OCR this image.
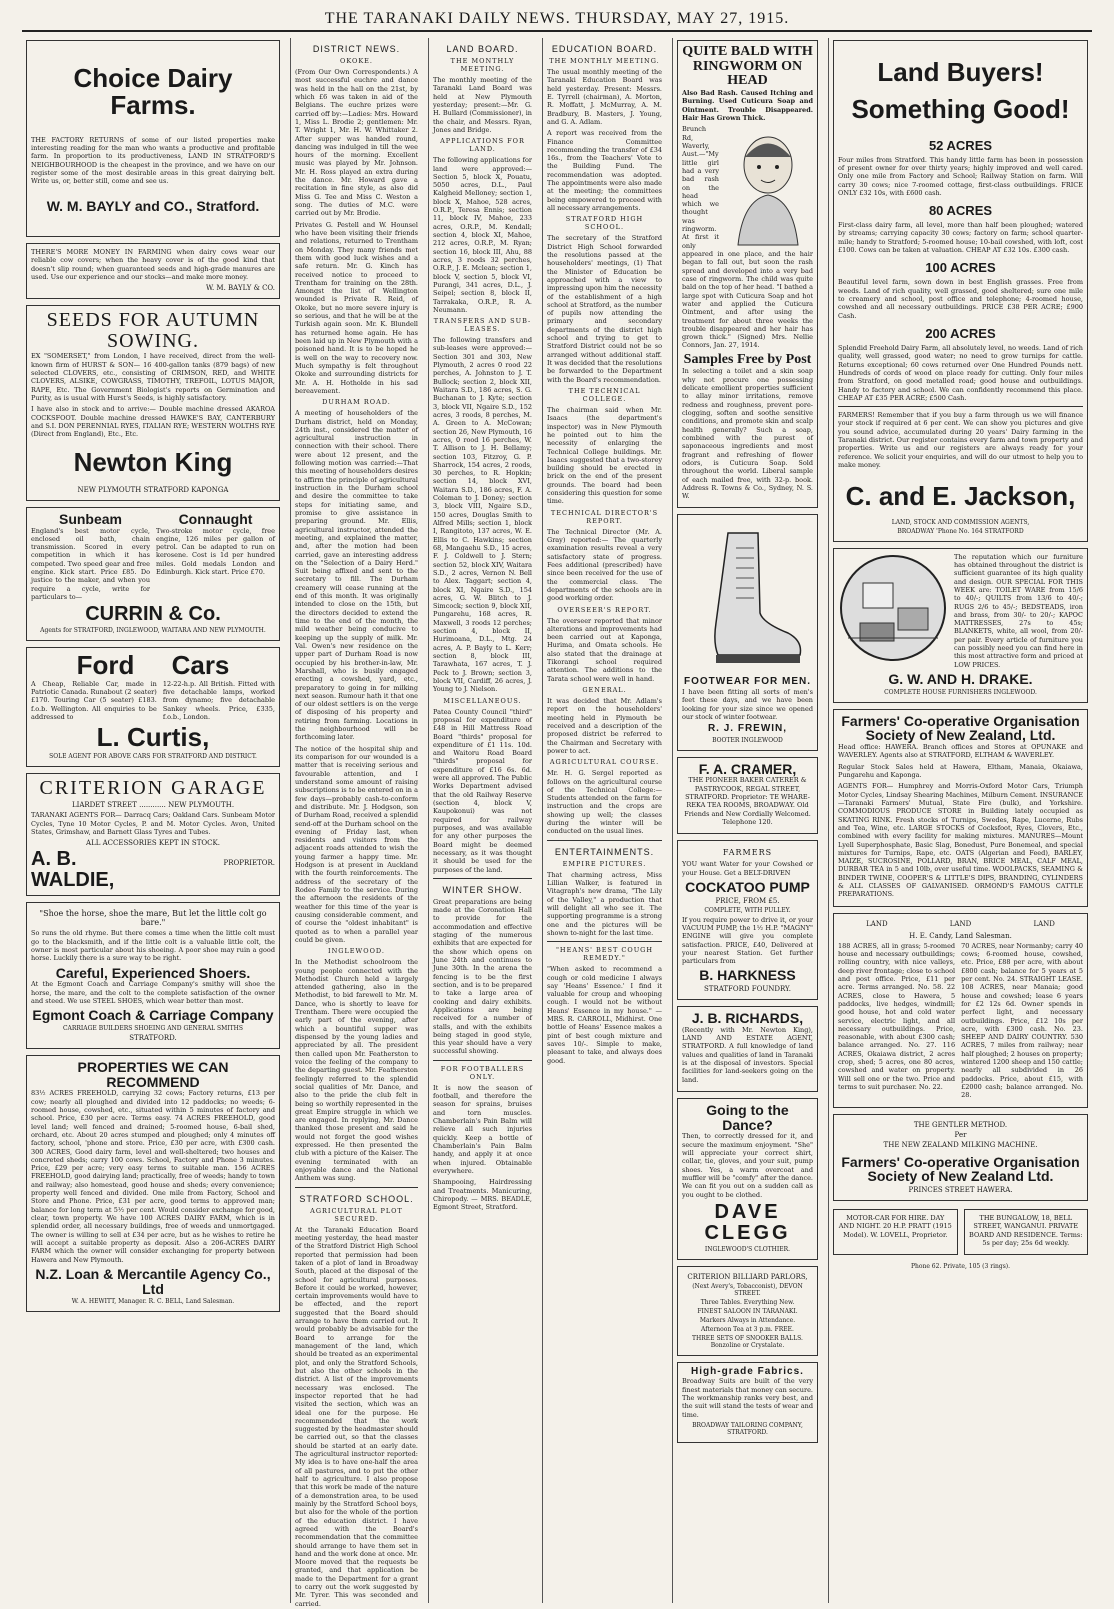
THE TARANAKI DAILY NEWS. THURSDAY, MAY 27, 1915.
Choice Dairy Farms.

THE FACTORY RETURNS of some of our listed properties make interesting reading for the man who wants a productive and profitable farm. In proportion to its productiveness, LAND IN STRATFORD'S NEIGHBOURHOOD is the cheapest in the province, and we have on our register some of the most desirable areas in this great dairying belt. Write us, or, better still, come and see us.

W. M. BAYLY and CO., Stratford.

THERE'S MORE MONEY IN FARMING when dairy cows wear our reliable cow covers; when the heavy cover is of the good kind that doesn't slip round; when guaranteed seeds and high-grade manures are used. Use our experience and our stocks—and make more money.

W. M. BAYLY & CO.
SEEDS FOR AUTUMN SOWING.

EX "SOMERSET," from London, I have received, direct from the well-known firm of HURST & SON— 16 400-gallon tanks (879 bags) of new selected CLOVERS, etc., consisting of CRIMSON, RED, and WHITE CLOVERS, ALSIKE, COWGRASS, TIMOTHY, TREFOIL, LOTUS MAJOR, RAPE, Etc. The Government Biologist's reports on Germination and Purity, as is usual with Hurst's Seeds, is highly satisfactory.

I have also in stock and to arrive:— Double machine dressed AKAROA COCKSFOOT. Double machine dressed HAWKE'S BAY, CANTERBURY and S.I. DON PERENNIAL RYES, ITALIAN RYE; WESTERN WOLTHS RYE (Direct from England), Etc., Etc.

Newton King
NEW PLYMOUTH STRATFORD KAPONGA
Sunbeam

England's best motor cycle, enclosed oil bath, chain transmission. Scored in every competition in which it has competed. Two speed gear and free engine. Kick start. Price £85. Do justice to the maker, and when you require a cycle, write for particulars to—

Connaught

Two-stroke motor cycle, free engine, 126 miles per gallon of petrol. Can be adapted to run on kerosene. Cost is 1d per hundred miles. Gold medals London and Edinburgh. Kick start. Price £70.

CURRIN & Co.
Agents for STRATFORD, INGLEWOOD, WAITARA AND NEW PLYMOUTH.
Ford Cars

A Cheap, Reliable Car, made in Patriotic Canada. Runabout (2 seater) £170. Touring Car (5 seater) £183. f.o.b. Wellington. All enquiries to be addressed to

12-22-h.p. All British. Fitted with five detachable lamps, worked from dynamo; five detachable Sankey wheels. Price, £335, f.o.b., London.

L. Curtis,
SOLE AGENT FOR ABOVE CARS FOR STRATFORD AND DISTRICT.
CRITERION GARAGE
LIARDET STREET ............ NEW PLYMOUTH.

TARANAKI AGENTS FOR— Darracq Cars; Oakland Cars. Sunbeam Motor Cycles, Tyne 10 Motor Cycles, P. and M. Motor Cycles. Avon, United States, Grimshaw, and Barnett Glass Tyres and Tubes.

ALL ACCESSORIES KEPT IN STOCK.
A. B. WALDIE,
PROPRIETOR.
"Shoe the horse, shoe the mare, But let the little colt go bare."

So runs the old rhyme. But there comes a time when the little colt must go to the blacksmith, and if the little colt is a valuable little colt, the owner is most particular about his shoeing. A poor shoe may ruin a good horse. Luckily there is a sure way to be right.

Careful, Experienced Shoers.

At the Egmont Coach and Carriage Company's smithy will shoe the horse, the mare, and the colt to the complete satisfaction of the owner and steed. We use STEEL SHOES, which wear better than most.

Egmont Coach & Carriage Company
CARRIAGE BUILDERS SHOEING AND GENERAL SMITHS
STRATFORD.
PROPERTIES WE CAN RECOMMEND

83½ ACRES FREEHOLD, carrying 32 cows; Factory returns, £13 per cow; nearly all ploughed and divided into 12 paddocks; no weeds; 6-roomed house, cowshed, etc., situated within 5 minutes of factory and school. Price, £30 per acre. Terms easy. 74 ACRES FREEHOLD, good level land; well fenced and drained; 5-roomed house, 6-bail shed, orchard, etc. About 20 acres stumped and ploughed; only 4 minutes off factory, school, 'phone and store. Price, £30 per acre, with £300 cash. 300 ACRES, Good dairy farm, level and well-sheltered; two houses and concreted sheds; carry 100 cows. School, Factory and Phone 3 minutes. Price, £29 per acre; very easy terms to suitable man. 156 ACRES FREEHOLD, good dairying land; practically, free of weeds; handy to town and railway; also homestead, good house and sheds; every convenience; property well fenced and divided. One mile from Factory, School and Store and Phone. Price, £31 per acre, good terms to approved man; balance for long term at 5½ per cent. Would consider exchange for good, clear, town property. We have 100 ACRES DAIRY FARM, which is in splendid order, all necessary buildings, free of weeds and unmortgaged. The owner is willing to sell at £34 per acre, but as he wishes to retire he will accept a suitable property as deposit. Also a 206-ACRES DAIRY FARM which the owner will consider exchanging for property between Hawera and New Plymouth.

N.Z. Loan & Mercantile Agency Co., Ltd
W. A. HEWITT, Manager. R. C. BELL, Land Salesman.
DISTRICT NEWS.
OKOKE.

(From Our Own Correspondents.) A most successful euchre and dance was held in the hall on the 21st, by which £6 was taken in aid of the Belgians. The euchre prizes were carried off by:—Ladies: Mrs. Howard 1, Miss L. Brodie 2; gentlemen: Mr. T. Wright 1, Mr. H. W. Whittaker 2. After supper was handed round, dancing was indulged in till the wee hours of the morning. Excellent music was played by Mr. Johnson. Mr. H. Ross played an extra during the dance. Mr. Howard gave a recitation in fine style, as also did Miss G. Tee and Miss C. Weston a song. The duties of M.C. were carried out by Mr. Brodie.

Privates G. Pestell and W. Hounsel who have been visiting their friends and relations, returned to Trentham on Monday. They many friends met them with good luck wishes and a safe return. Mr. G. Kinch has received notice to proceed to Trentham for training on the 28th. Amongst the list of Wellington wounded is Private R. Reid, of Okoke, but no more severe injury is so serious, and that he will be at the Turkish again soon. Mr. K. Blundell has returned home again. He has been laid up in New Plymouth with a poisoned hand. It is to be hoped he is well on the way to recovery now. Much sympathy is felt throughout Okoke and surrounding districts for Mr. A. H. Hotholde in his sad bereavement.

DURHAM ROAD.

A meeting of householders of the Durham district, held on Monday, 24th inst., considered the matter of agricultural instruction in connection with their school. There were about 12 present, and the following motion was carried:—That this meeting of householders desires to affirm the principle of agricultural instruction in the Durham school and desire the committee to take steps for initiating same, and promise to give assistance in preparing ground. Mr. Ellis, agricultural instructor, attended the meeting, and explained the matter, and, after the motion had been carried, gave an interesting address on the "Selection of a Dairy Herd." Suit being affixed and sent to the secretary to fill. The Durham creamery will cease running at the end of this month. It was originally intended to close on the 15th, but the directors decided to extend the time to the end of the month, the mild weather being conducive to keeping up the supply of milk. Mr. Val. Owen's new residence on the upper part of Durham Road is now occupied by his brother-in-law, Mr. Marshall, who is busily engaged erecting a cowshed, yard, etc., preparatory to going in for milking next season. Rumour hath it that one of our oldest settlers is on the verge of disposing of his property and retiring from farming. Locations in the neighbourhood will be forthcoming later.

The notice of the hospital ship and its comparison for our wounded is a matter that is receiving serious and favourable attention, and I understand some amount of raising subscriptions is to be entered on in a few days—probably cash-to-conform and distribute. Mr. J. Hodgson, son of Durham Road, received a splendid send-off at the Durham school on the evening of Friday last, when residents and visitors from the adjacent roads attended to wish the young farmer a happy time. Mr. Hodgson is at present in Auckland with the fourth reinforcements. The address of the secretary of the Rodeo Family to the service. During the afternoon the residents of the weather for this time of the year is causing considerable comment, and of course the "oldest inhabitant" is quoted as to when a parallel year could be given.

INGLEWOOD.

In the Methodist schoolroom the young people connected with the Methodist Church held a largely attended gathering, also in the Methodist, to bid farewell to Mr. M. Dance, who is shortly to leave for Trentham. There were occupied the early part of the evening, after which a bountiful supper was dispensed by the young ladies and appreciated by all. The president then called upon Mr. Featherston to voice the feeling of the company to the departing guest. Mr. Featherston feelingly referred to the splendid social qualities of Mr. Dance, and also to the pride the club felt in being so worthily represented in the great Empire struggle in which we are engaged. In replying, Mr. Dance thanked those present and said he would not forget the good wishes expressed. He then presented the club with a picture of the Kaiser. The evening terminated with an enjoyable dance and the National Anthem was sung.

STRATFORD SCHOOL.
AGRICULTURAL PLOT SECURED.

At the Taranaki Education Board meeting yesterday, the head master of the Stratford District High School reported that permission had been taken of a plot of land in Broadway South, placed at the disposal of the school for agricultural purposes. Before it could be worked, however, certain improvements would have to be effected, and the report suggested that the Board should arrange to have them carried out. It would probably be advisable for the Board to arrange for the management of the land, which should be treated as an experimental plot, and only the Stratford Schools, but also the other schools in the district. A list of the improvements necessary was enclosed. The inspector reported that he had visited the section, which was an ideal one for the purpose. He recommended that the work suggested by the headmaster should be carried out, so that the classes should be started at an early date. The agricultural instructor reported: My idea is to have one-half the area of all pastures, and to put the other half to agriculture. I also propose that this work be made of the nature of a demonstration area, to be used mainly by the Stratford School boys, but also for the whole of the portion of the education district. I have agreed with the Board's recommendation that the committee should arrange to have them set in hand and the work done at once. Mr. Moore moved that the requests be granted, and that application be made to the Department for a grant to carry out the work suggested by Mr. Tyrer. This was seconded and carried.

LAND BOARD.
THE MONTHLY MEETING.

The monthly meeting of the Taranaki Land Board was held at New Plymouth yesterday; present:—Mr. G. H. Bullard (Commissioner), in the chair, and Messrs. Ryan, Jones and Bridge.

APPLICATIONS FOR LAND.

The following applications for land were approved:—Section 5, block X, Pouatu, 5050 acres, D.L., Paul Kalgheid Melloney; section 1, block X, Mahoe, 528 acres, O.R.P., Teresa Ennis; section 11, block IV, Mahoe, 233 acres, O.R.P., M. Kendall; section 4, block XI, Mahoe, 212 acres, O.R.P., M. Ryan; section 16, block III, Ahu, 88 acres, 3 roods 32 perches, O.R.P., J. E. Mclean; section 1, block V, section 5, block VI, Purangi, 341 acres, D.L., J. Seipel; section 8, block II, Tarrakaka, O.R.P., R. A. Neumann.

TRANSFERS AND SUB-LEASES.

The following transfers and sub-leases were approved:—Section 301 and 303, New Plymouth, 2 acres 0 rood 22 perches, A. Johnston to J. T. Bullock; section 2, block XII, Waitara S.D., 186 acres, S. G. Buchanan to J. Kyte; section 3, block VII, Ngaire S.D., 152 acres, 3 roods, 8 perches, M. A. Green to A. McCowan; section 26, New Plymouth, 16 acres, 0 rood 16 perches, W. T. Allison to J. H. Bellamy; section 103, Fitzroy, G. P. Sharrock, 154 acres, 2 roods, 30 perches, to R. Hopkin; section 14, block XVI, Waitara S.D., 186 acres, F. A. Coleman to J. Doney; section 3, block VIII, Ngaire S.D., 150 acres, Douglas Smith to Alfred Mills; section 1, block I, Rangitoto, 137 acres, W. E. Ellis to C. Hawkins; section 68, Mangaehu S.D., 15 acres, F. J. Coldwell to J. Stern; section 52, block XIV, Waitara S.D., 2 acres, Vernon N. Bell to Alex. Taggart; section 4, block XI, Ngaire S.D., 154 acres, G. W. Blitch to J. Simcock; section 9, block XII, Pungarehu, 168 acres, R. Maxwell, 3 roods 12 perches; section 4, block II, Hurimoana, D.L., Mtg. 24 acres, A. P. Bayly to L. Kerr; section 8, block III, Tarawhata, 167 acres, T. J. Peck to J. Brown; section 3, block VII, Cardiff, 26 acres, J. Young to J. Nielson.

MISCELLANEOUS.

Patea County Council "third" proposal for expenditure of £48 in Hill Mattress Road Board "thirds" proposal for expenditure of £1 11s. 10d. and Waitoru Road Board "thirds" proposal for expenditure of £16 6s. 6d. were all approved. The Public Works Department advised that the old Railway Reserve (section 4, block V, Kaupokonui) was not required for railway purposes, and was available for any other purposes the Board might be deemed necessary, as it was thought it should be used for the purposes of the land.

WINTER SHOW.

Great preparations are being made at the Coronation Hall to provide for the accommodation and effective staging of the numerous exhibits that are expected for the show which opens on June 24th and continues to June 30th. In the arena the fencing is to be the first section, and is to be prepared to take a large area of cooking and dairy exhibits. Applications are being received for a number of stalls, and with the exhibits being staged in good style, this year should have a very successful showing.

FOR FOOTBALLERS ONLY.

It is now the season of football, and therefore the season for sprains, bruises and torn muscles. Chamberlain's Pain Balm will relieve all such injuries quickly. Keep a bottle of Chamberlain's Pain Balm handy, and apply it at once when injured. Obtainable everywhere.

Shampooing, Hairdressing and Treatments. Manicuring, Chiropody. — MRS. BEADLE, Egmont Street, Stratford.

EDUCATION BOARD.
THE MONTHLY MEETING.

The usual monthly meeting of the Taranaki Education Board was held yesterday. Present: Messrs. E. Tyrrell (chairman), A. Morton, R. Moffatt, J. McMurray, A. M. Bradbury, B. Masters, J. Young, and G. A. Adlam.

A report was received from the Finance Committee recommending the transfer of £34 16s., from the Teachers' Vote to the Building Fund. The recommendation was adopted. The appointments were also made at the meeting; the committees being empowered to proceed with all necessary arrangements.

STRATFORD HIGH SCHOOL.

The secretary of the Stratford District High School forwarded the resolutions passed at the householders' meetings, (1) That the Minister of Education be approached with a view to impressing upon him the necessity of the establishment of a high school at Stratford, as the number of pupils now attending the primary and secondary departments of the district high school and trying to get to Stratford District could not be so arranged without additional staff. It was decided that the resolutions be forwarded to the Department with the Board's recommendation.

THE TECHNICAL COLLEGE.

The chairman said when Mr. Isaacs (the department's inspector) was in New Plymouth he pointed out to him the necessity of enlarging the Technical College buildings. Mr. Isaacs suggested that a two-storey building should be erected in brick on the end of the present grounds. The board had been considering this question for some time.

TECHNICAL DIRECTOR'S REPORT.

The Technical Director (Mr. A. Gray) reported:— The quarterly examination results reveal a very satisfactory state of progress. Fees additional (prescribed) have since been received for the use of the commercial class. The departments of the schools are in good working order.

OVERSEER'S REPORT.

The overseer reported that minor alterations and improvements had been carried out at Kaponga, Hurima, and Omata schools. He also stated that the drainage at Tikorangi school required attention. The additions to the Tarata school were well in hand.

GENERAL.

It was decided that Mr. Adlam's report on the householders' meeting held in Plymouth be received and a description of the proposed district be referred to the Chairman and Secretary with power to act.

AGRICULTURAL COURSE.

Mr. H. G. Sergel reported as follows on the agricultural course of the Technical College:—Students attended on the farm for instruction and the crops are showing up well; the classes during the winter will be conducted on the usual lines.

ENTERTAINMENTS.
EMPIRE PICTURES.

That charming actress, Miss Lillian Walker, is featured in Vitagraph's new drama, "The Lily of the Valley," a production that will delight all who see it. The supporting programme is a strong one and the pictures will be shown to-night for the last time.

"HEANS' BEST COUGH REMEDY."

"When asked to recommend a cough or cold medicine I always say 'Heans' Essence.' I find it valuable for croup and whooping cough. I would not be without Heans' Essence in my house." —MRS. R. CARROLL, Midhirst. One bottle of Heans' Essence makes a pint of best cough mixture and saves 10/-. Simple to make, pleasant to take, and always does good.

QUITE BALD WITH RINGWORM ON HEAD

Also Bad Rash. Caused Itching and Burning. Used Cuticura Soap and Ointment. Trouble Disappeared. Hair Has Grown Thick.

Brunch Rd, Waverly, Aust.—"My little girl had a very bad rash on the head which we thought was ringworm. At first it only appeared in one place, and the hair began to fall out, but soon the rash spread and developed into a very bad case of ringworm. The child was quite bald on the top of her head. "I bathed a large spot with Cuticura Soap and hot water and applied the Cuticura Ointment, and after using the treatment for about three weeks the trouble disappeared and her hair has grown thick." (Signed) Mrs. Nellie Connors, Jan. 27, 1914.

Samples Free by Post

In selecting a toilet and a skin soap why not procure one possessing delicate emollient properties sufficient to allay minor irritations, remove redness and roughness, prevent pore-clogging, soften and soothe sensitive conditions, and promote skin and scalp health generally? Such a soap, combined with the purest of saponaceous ingredients and most fragrant and refreshing of flower odors, is Cuticura Soap. Sold throughout the world. Liberal sample of each mailed free, with 32-p. book. Address R. Towns & Co., Sydney, N. S. W.

FOOTWEAR FOR MEN.

I have been fitting all sorts of men's feet these days, and we have been looking for your size since we opened our stock of winter footwear.

R. J. FREWIN,
BOOTER INGLEWOOD
F. A. CRAMER,

THE PIONEER BAKER CATERER & PASTRYCOOK, REGAL STREET, STRATFORD. Proprietor: TE WHARE-REKA TEA ROOMS, BROADWAY. Old Friends and New Cordially Welcomed. Telephone 120.

FARMERS

YOU want Water for your Cowshed or your House. Get a BELT-DRIVEN

COCKATOO PUMP
PRICE, FROM £5.
COMPLETE, WITH PULLEY.

If you require power to drive it, or your VACUUM PUMP, the 1½ H.P. "MAGNY" ENGINE will give you complete satisfaction. PRICE, £40, Delivered at your nearest Station. Get further particulars from

B. HARKNESS
STRATFORD FOUNDRY.
J. B. RICHARDS,

(Recently with Mr. Newton King), LAND AND ESTATE AGENT, STRATFORD. A full knowledge of land values and qualities of land in Taranaki is at the disposal of investors. Special facilities for land-seekers going on the land.

Going to the Dance?

Then, to correctly dressed for it, and secure the maximum enjoyment. "She" will appreciate your correct shirt, collar, tie, gloves, and your suit, pump shoes. Yes, a warm overcoat and muffler will be "comfy" after the dance. We can fit you out on a sudden call as you ought to be clothed.

DAVE CLEGG
INGLEWOOD'S CLOTHIER.
CRITERION BILLIARD PARLORS,
(Next Avery's, Tobacconist), DEVON STREET.
Three Tables. Everything New.
FINEST SALOON IN TARANAKI.
Markers Always in Attendance.
Afternoon Tea at 3 p.m. FREE.
THREE SETS OF SNOOKER BALLS. Bonzoline or Crystalate.
High-grade Fabrics.

Broadway Suits are built of the very finest materials that money can secure. The workmanship ranks very best, and the suit will stand the tests of wear and time.

BROADWAY TAILORING COMPANY, STRATFORD.
Land Buyers!
Something Good!
52 ACRES

Four miles from Stratford. This handy little farm has been in possession of present owner for over thirty years; highly improved and well cared. Only one mile from Factory and School; Railway Station on farm. Will carry 30 cows; nice 7-roomed cottage, first-class outbuildings. FRICE ONLY £32 10s, with £600 cash.

80 ACRES

First-class dairy farm, all level, more than half been ploughed; watered by streams; carrying capacity 30 cows; factory on farm; school quarter-mile; handy to Stratford; 5-roomed house; 10-bail cowshed, with loft, cost £100. Cows can be taken at valuation. CHEAP AT £32 10s. £300 cash.

100 ACRES

Beautiful level farm, sown down in best English grasses. Free from weeds. Land of rich quality, well grassed, good sheltered; sure one mile to creamery and school, post office and telephone; 4-roomed house, cowshed and all necessary outbuildings. PRICE £38 PER ACRE; £900 Cash.

200 ACRES

Splendid Freehold Dairy Farm, all absolutely level, no weeds. Land of rich quality, well grassed, good water; no need to grow turnips for cattle. Returns exceptional; 60 cows returned over One Hundred Pounds nett. Hundreds of cords of wood on place ready for cutting. Only four miles from Stratford, on good metalled road; good house and outbuildings. Handy to factory and school. We can confidently recommend this place. CHEAP AT £35 PER ACRE; £500 Cash.

FARMERS! Remember that if you buy a farm through us we will finance your stock if required at 6 per cent. We can show you pictures and give you sound advice, accumulated during 20 years' Dairy farming in the Taranaki district. Our register contains every farm and town property and properties. Write us and our registers are always ready for your reference. We solicit your enquiries, and will do our utmost to help you to make money.

C. and E. Jackson,
LAND, STOCK AND COMMISSION AGENTS,
BROADWAY 'Phone No. 164 STRATFORD

The reputation which our furniture has obtained throughout the district is sufficient guarantee of its high quality and design. OUR SPECIAL FOR THIS WEEK are: TOILET WARE from 15/6 to 40/-; QUILTS from 13/6 to 40/-; RUGS 2/6 to 45/-; BEDSTEADS, iron and brass, from 30/- to 20/-; KAPOC MATTRESSES, 27s to 45s; BLANKETS, white, all wool, from 20/- per pair. Every article of furniture you can possibly need you can find here in this most attractive form and priced at LOW PRICES.

G. W. AND H. DRAKE.
COMPLETE HOUSE FURNISHERS INGLEWOOD.
Farmers' Co-operative Organisation Society of New Zealand, Ltd.

Head office: HAWERA. Branch offices and Stores at OPUNAKE and WAVERLEY. Agents also at STRATFORD, ELTHAM & WAVERLEY.

Regular Stock Sales held at Hawera, Eltham, Manaia, Okaiawa, Pungarehu and Kaponga.

AGENTS FOR— Humphrey and Morris-Oxford Motor Cars, Triumph Motor Cycles, Lindsay Shearing Machines, Milburn Cement. INSURANCE—Taranaki Farmers' Mutual, State Fire (bulk), and Yorkshire. COMMODIOUS PRODUCE STORE in Building lately occupied as SKATING RINK. Fresh stocks of Turnips, Swedes, Rape, Lucerne, Rubs and Tea, Wine, etc. LARGE STOCKS of Cocksfoot, Ryes, Clovers, Etc., combined with every facility for making mixtures. MANURES—Mount Lyell Superphosphate, Basic Slag, Bonedust, Pure Bonemeal, and special mixtures for Turnips, Rape, etc. OATS (Algerian and Feed), BARLEY, MAIZE, SUCROSINE, POLLARD, BRAN, BRICE MEAL, CALF MEAL, DURBAR TEA in 5 and 10lb, over useful time. WOOLPACKS, SEAMING & BINDER TWINE, COOPER'S & LITTLE'S DIPS, BRANDING, CYLINDERS & ALL CLASSES OF GALVANISED. ORMOND'S FAMOUS CATTLE PREPARATIONS.

LAND	LAND	LAND
H. E. Candy, Land Salesman.

188 ACRES, all in grass; 5-roomed house and necessary outbuildings; rolling country, with nice valleys, deep river frontage; close to school and post office. Price, £11 per acre. Terms arranged. No. 58. 22 ACRES, close to Hawera, 5 paddocks, live hedges, windmill; good house, hot and cold water service, electric light, and all necessary outbuildings. Price, reasonable, with about £300 cash; balance arranged. No. 27. 116 ACRES, Okaiawa district, 2 acres crop, shed; 5 acres, one 80 acres, cowshed and water on property. Will sell one or the two. Price and terms to suit purchaser. No. 22.

70 ACRES, near Normanby; carry 40 cows; 6-roomed house, cowshed, etc. Price, £88 per acre, with about £800 cash; balance for 5 years at 5 per cent. No. 24. STRAIGHT LEASE. 108 ACRES, near Manaia; good house and cowshed; lease 6 years for £2 12s 6d. Owner spends in perfect light, and necessary outbuildings. Price, £12 10s per acre, with £300 cash. No. 23. SHEEP AND DAIRY COUNTRY. 530 ACRES, 7 miles from railway; near half ploughed; 2 houses on property; wintered 1200 sheep and 150 cattle; nearly all subdivided in 26 paddocks. Price, about £15, with £2000 cash; balance arranged. No. 28.

THE GENTLER METHOD.
Per
THE NEW ZEALAND MILKING MACHINE.
Farmers' Co-operative Organisation Society of New Zealand Ltd.
PRINCES STREET HAWERA.

MOTOR-CAR FOR HIRE. DAY AND NIGHT. 20 H.P. PRATT (1915 Model). W. LOVELL, Proprietor.

THE BUNGALOW, 18, BELL STREET, WANGANUI. PRIVATE BOARD AND RESIDENCE. Terms: 5s per day; 25s 6d weekly.

Phone 62. Private, 105 (3 rings).
